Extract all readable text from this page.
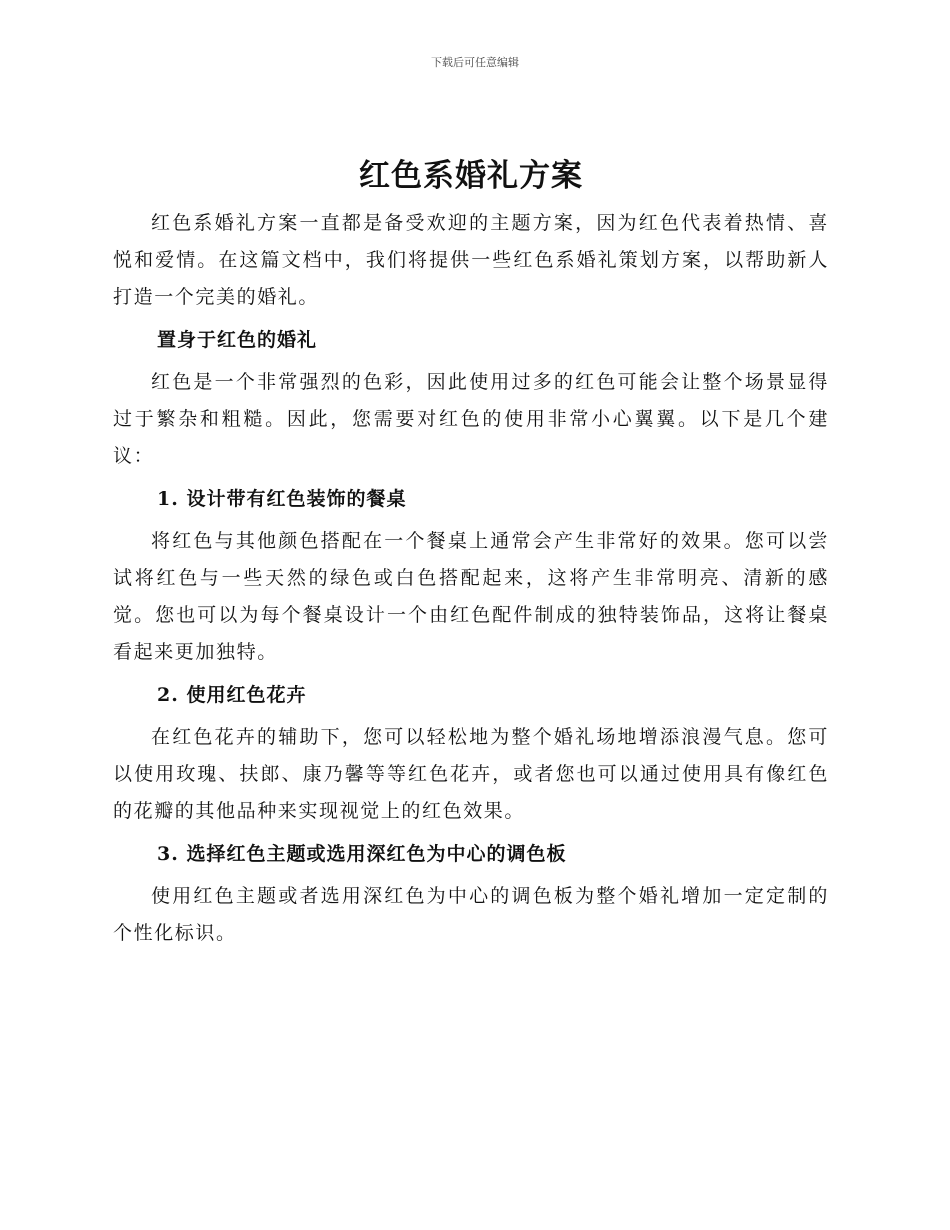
下载后可任意编辑
红色系婚礼方案

红色系婚礼方案一直都是备受欢迎的主题方案，因为红色代表着热情、喜悦和爱情。在这篇文档中，我们将提供一些红色系婚礼策划方案，以帮助新人打造一个完美的婚礼。

置身于红色的婚礼

红色是一个非常强烈的色彩，因此使用过多的红色可能会让整个场景显得过于繁杂和粗糙。因此，您需要对红色的使用非常小心翼翼。以下是几个建议：

1. 设计带有红色装饰的餐桌

将红色与其他颜色搭配在一个餐桌上通常会产生非常好的效果。您可以尝试将红色与一些天然的绿色或白色搭配起来，这将产生非常明亮、清新的感觉。您也可以为每个餐桌设计一个由红色配件制成的独特装饰品，这将让餐桌看起来更加独特。

2. 使用红色花卉

在红色花卉的辅助下，您可以轻松地为整个婚礼场地增添浪漫气息。您可以使用玫瑰、扶郎、康乃馨等等红色花卉，或者您也可以通过使用具有像红色的花瓣的其他品种来实现视觉上的红色效果。

3. 选择红色主题或选用深红色为中心的调色板

使用红色主题或者选用深红色为中心的调色板为整个婚礼增加一定定制的个性化标识。
